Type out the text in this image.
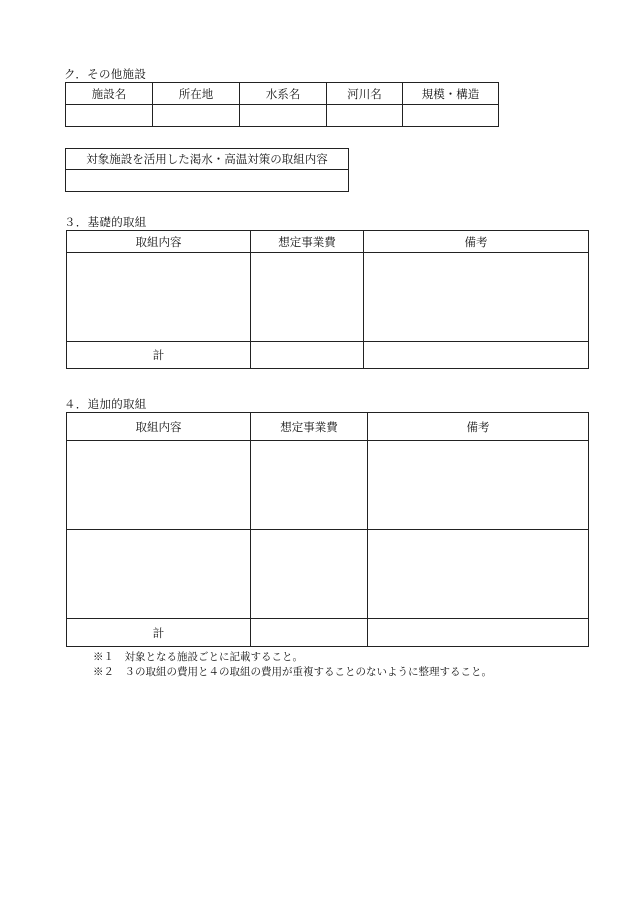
ク．その他施設
施設名	所在地	水系名	河川名	規模・構造

対象施設を活用した渇水・高温対策の取組内容

３．基礎的取組
取組内容	想定事業費	備考

計		
４．追加的取組
取組内容	想定事業費	備考

計		
※１　対象となる施設ごとに記載すること。
※２　３の取組の費用と４の取組の費用が重複することのないように整理すること。
